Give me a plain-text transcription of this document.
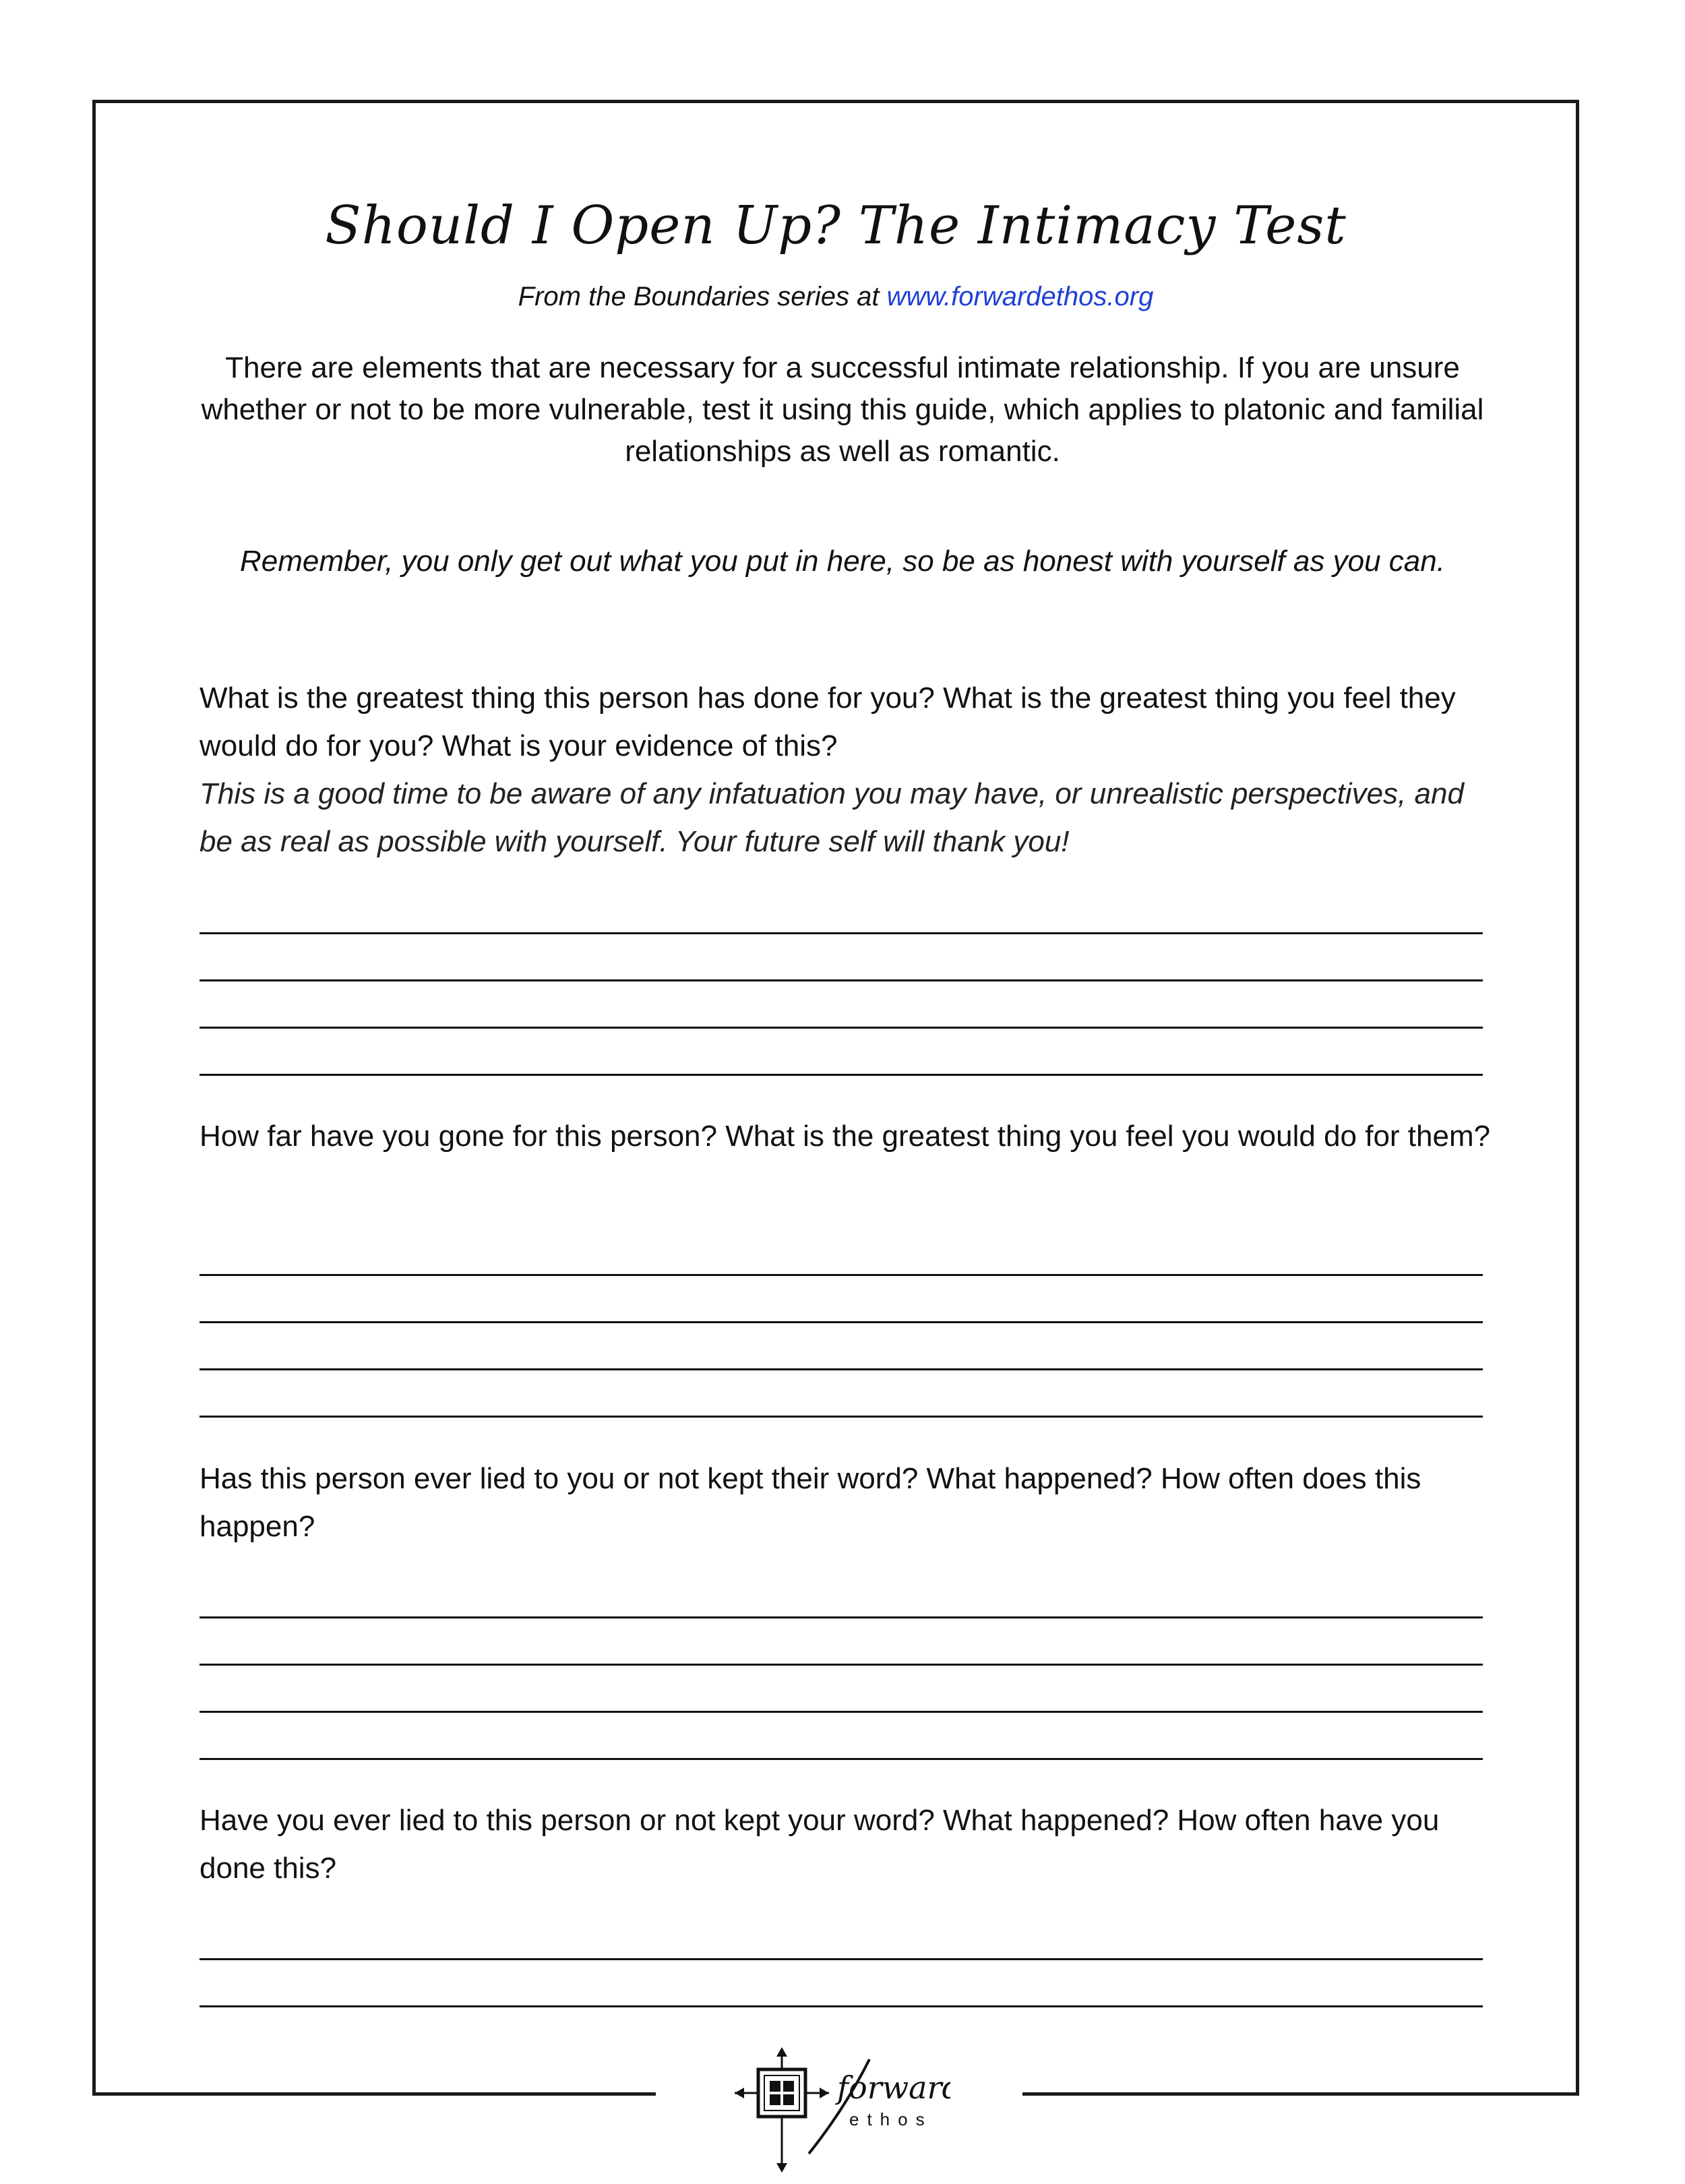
Should I Open Up? The Intimacy Test
From the Boundaries series at www.forwardethos.org
There are elements that are necessary for a successful intimate relationship. If you are unsure whether or not to be more vulnerable, test it using this guide, which applies to platonic and familial relationships as well as romantic.
Remember, you only get out what you put in here, so be as honest with yourself as you can.
What is the greatest thing this person has done for you? What is the greatest thing you feel they would do for you? What is your evidence of this?
This is a good time to be aware of any infatuation you may have, or unrealistic perspectives, and be as real as possible with yourself. Your future self will thank you!
How far have you gone for this person? What is the greatest thing you feel you would do for them?
Has this person ever lied to you or not kept their word? What happened? How often does this happen?
Have you ever lied to this person or not kept your word? What happened? How often have you done this?
forward
ethos
